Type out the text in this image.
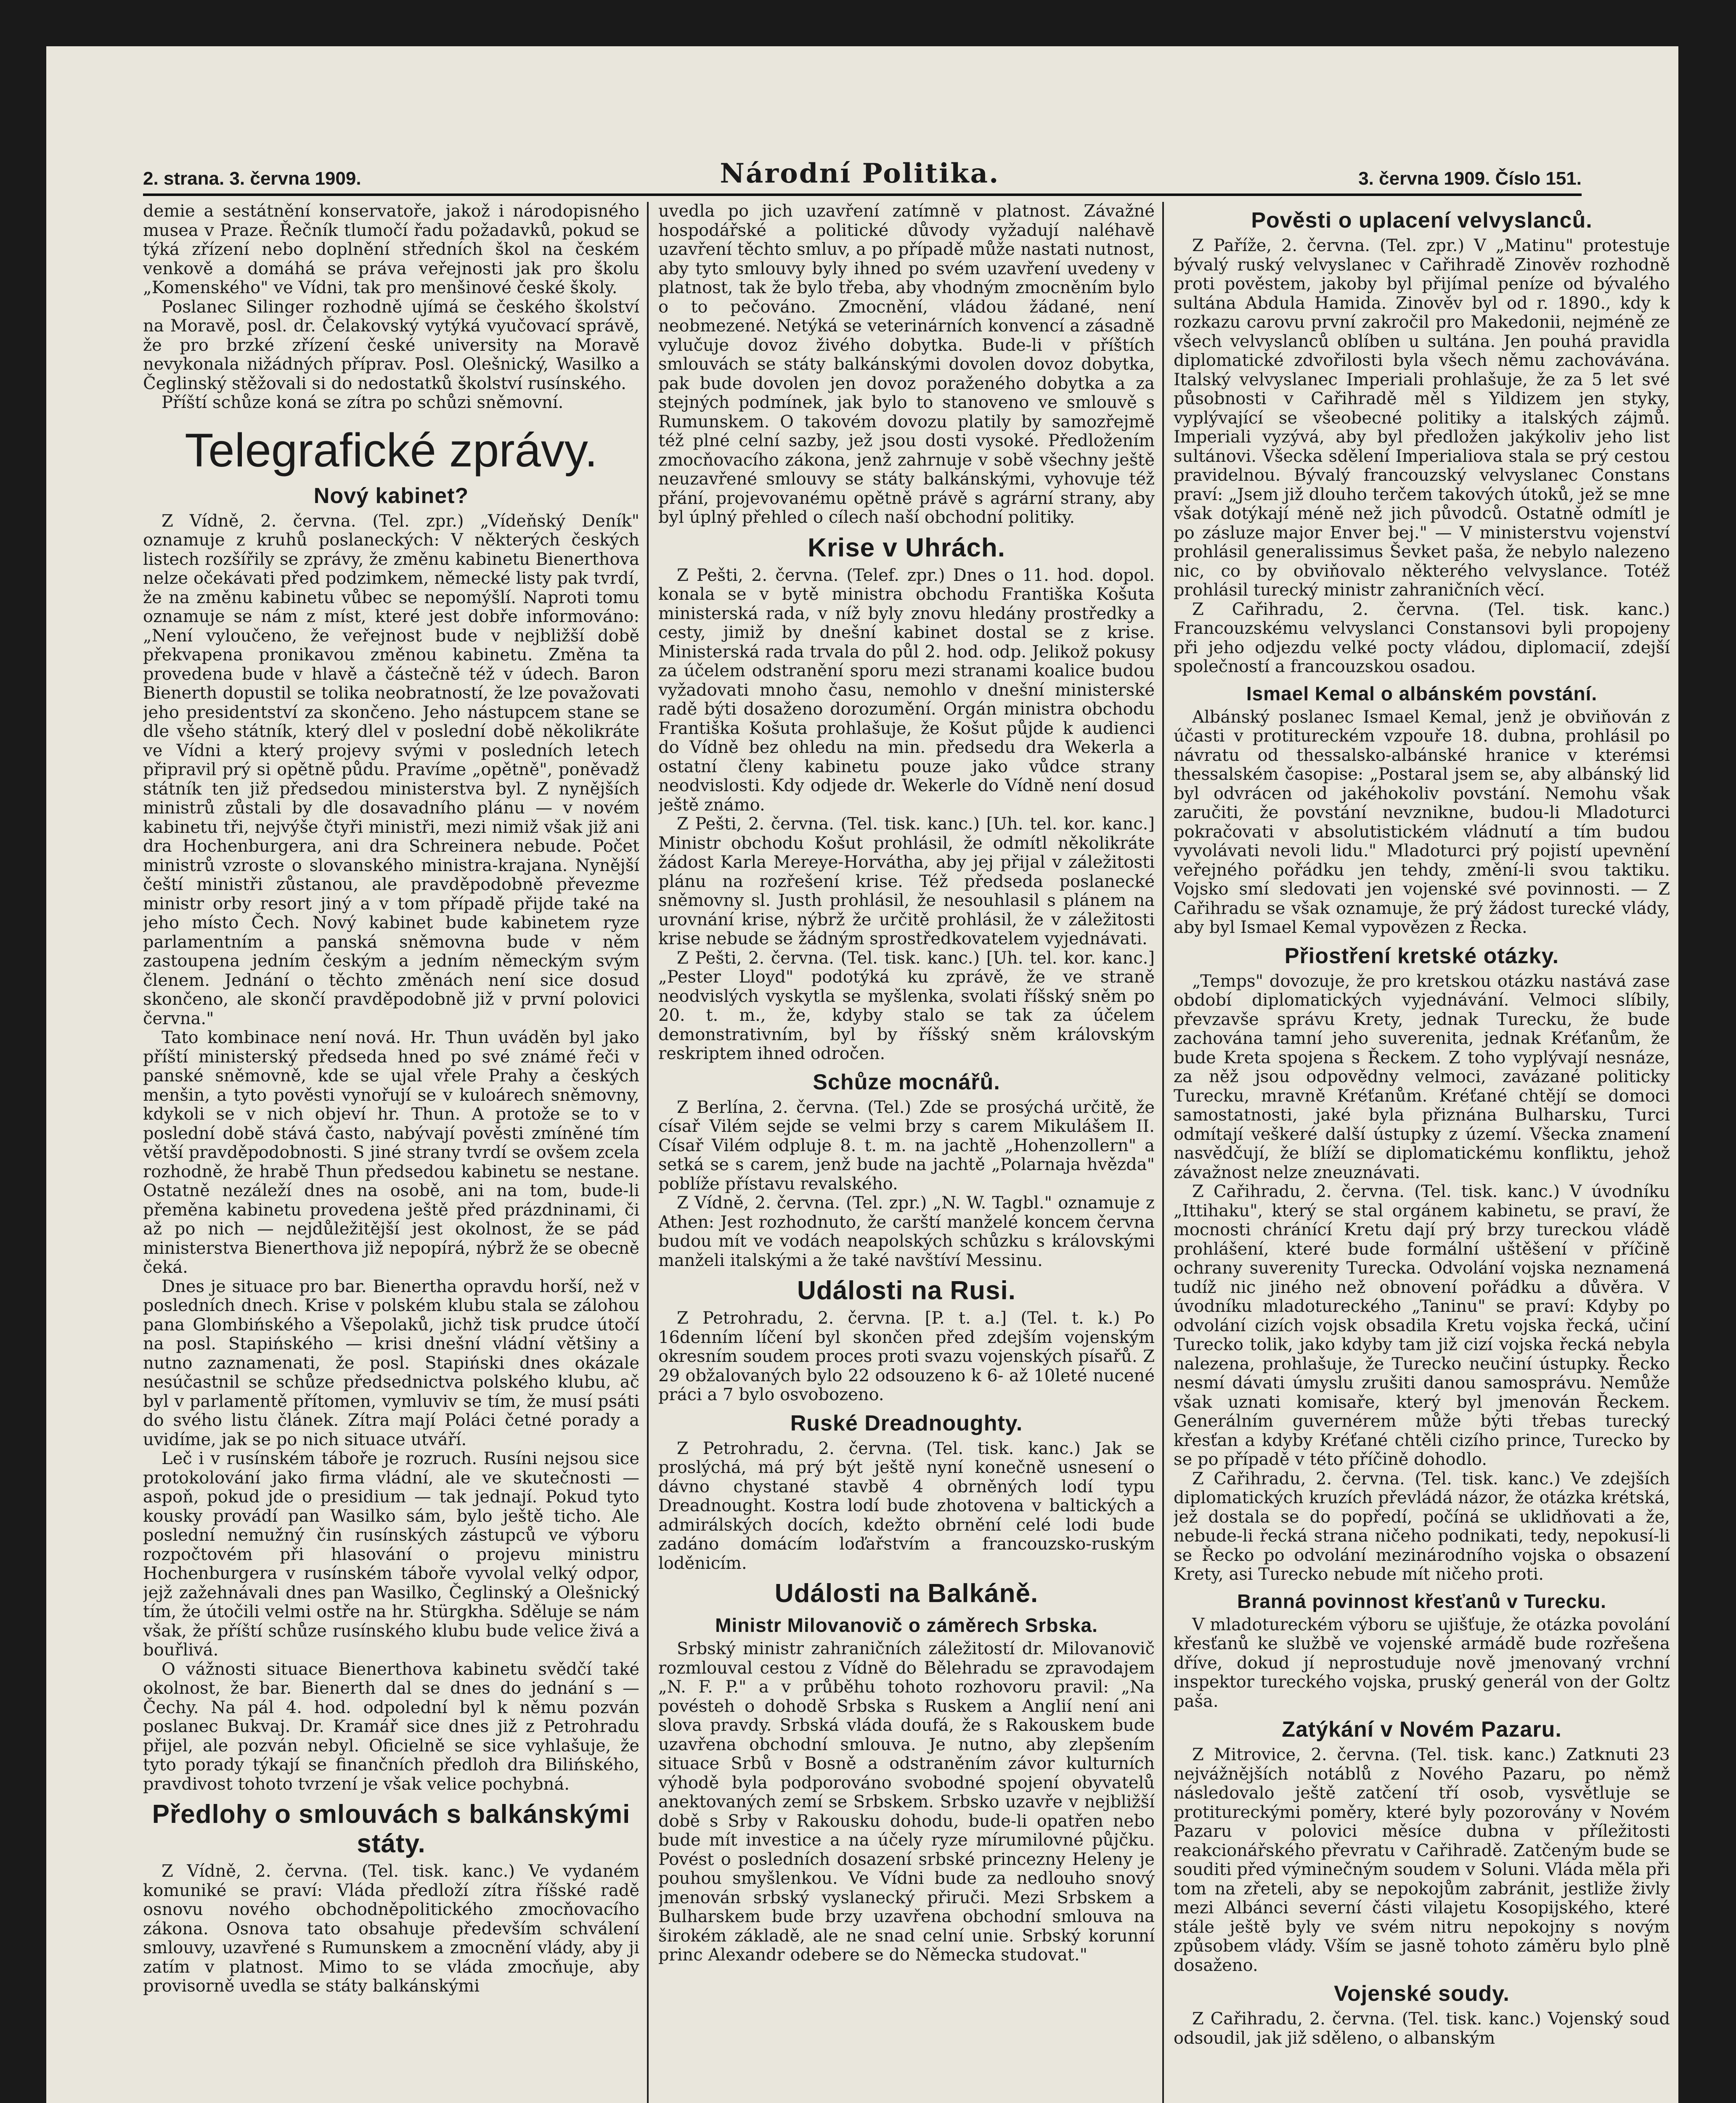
2. strana. 3. června 1909.	Národní Politika.	3. června 1909. Číslo 151.

demie a sestátnění konservatoře, jakož i národopisného musea v Praze. Řečník tlumočí řadu požadavků, pokud se týká zřízení nebo doplnění středních škol na českém venkově a domáhá se práva veřejnosti jak pro školu „Komenského" ve Vídni, tak pro menšinové české školy.

Poslanec Silinger rozhodně ujímá se českého školství na Moravě, posl. dr. Čelakovský vytýká vyučovací správě, že pro brzké zřízení české university na Moravě nevykonala nižádných příprav. Posl. Olešnický, Wasilko a Čeglinský stěžovali si do nedostatků školství rusínského.

Příští schůze koná se zítra po schůzi sněmovní.

Telegrafické zprávy.
Nový kabinet?

Z Vídně, 2. června. (Tel. zpr.) „Vídeňský Deník" oznamuje z kruhů poslaneckých: V některých českých listech rozšířily se zprávy, že změnu kabinetu Bienerthova nelze očekávati před podzimkem, německé listy pak tvrdí, že na změnu kabinetu vůbec se nepomýšlí. Naproti tomu oznamuje se nám z míst, které jest dobře informováno: „Není vyloučeno, že veřejnost bude v nejbližší době překvapena pronikavou změnou kabinetu. Změna ta provedena bude v hlavě a částečně též v údech. Baron Bienerth dopustil se tolika neobratností, že lze považovati jeho presidentství za skončeno. Jeho nástupcem stane se dle všeho státník, který dlel v poslední době několikráte ve Vídni a který projevy svými v posledních letech připravil prý si opětně půdu. Pravíme „opětně", poněvadž státník ten již předsedou ministerstva byl. Z nynějších ministrů zůstali by dle dosavadního plánu — v novém kabinetu tři, nejvýše čtyři ministři, mezi nimiž však již ani dra Hochenburgera, ani dra Schreinera nebude. Počet ministrů vzroste o slovanského ministra-krajana. Nynější čeští ministři zůstanou, ale pravděpodobně převezme ministr orby resort jiný a v tom případě přijde také na jeho místo Čech. Nový kabinet bude kabinetem ryze parlamentním a panská sněmovna bude v něm zastoupena jedním českým a jedním německým svým členem. Jednání o těchto změnách není sice dosud skončeno, ale skončí pravděpodobně již v první polovici června."

Tato kombinace není nová. Hr. Thun uváděn byl jako příští ministerský předseda hned po své známé řeči v panské sněmovně, kde se ujal vřele Prahy a českých menšin, a tyto pověsti vynořují se v kuloárech sněmovny, kdykoli se v nich objeví hr. Thun. A protože se to v poslední době stává často, nabývají pověsti zmíněné tím větší pravděpodobnosti. S jiné strany tvrdí se ovšem zcela rozhodně, že hrabě Thun předsedou kabinetu se nestane. Ostatně nezáleží dnes na osobě, ani na tom, bude-li přeměna kabinetu provedena ještě před prázdninami, či až po nich — nejdůležitější jest okolnost, že se pád ministerstva Bienerthova již nepopírá, nýbrž že se obecně čeká.

Dnes je situace pro bar. Bienertha opravdu horší, než v posledních dnech. Krise v polském klubu stala se zálohou pana Glombińského a Všepolaků, jichž tisk prudce útočí na posl. Stapińského — krisi dnešní vládní většiny a nutno zaznamenati, že posl. Stapiński dnes okázale nesúčastnil se schůze předsednictva polského klubu, ač byl v parlamentě přítomen, vymluviv se tím, že musí psáti do svého listu článek. Zítra mají Poláci četné porady a uvidíme, jak se po nich situace utváří.

Leč i v rusínském táboře je rozruch. Rusíni nejsou sice protokolování jako firma vládní, ale ve skutečnosti — aspoň, pokud jde o presidium — tak jednají. Pokud tyto kousky provádí pan Wasilko sám, bylo ještě ticho. Ale poslední nemužný čin rusínských zástupců ve výboru rozpočtovém při hlasování o projevu ministru Hochenburgera v rusínském táboře vyvolal velký odpor, jejž zažehnávali dnes pan Wasilko, Čeglinský a Olešnický tím, že útočili velmi ostře na hr. Stürgkha. Sděluje se nám však, že příští schůze rusínského klubu bude velice živá a bouřlivá.

O vážnosti situace Bienerthova kabinetu svědčí také okolnost, že bar. Bienerth dal se dnes do jednání s — Čechy. Na pál 4. hod. odpolední byl k němu pozván poslanec Bukvaj. Dr. Kramář sice dnes již z Petrohradu přijel, ale pozván nebyl. Oficielně se sice vyhlašuje, že tyto porady týkají se finančních předloh dra Bilińského, pravdivost tohoto tvrzení je však velice pochybná.

Předlohy o smlouvách s balkánskými státy.

Z Vídně, 2. června. (Tel. tisk. kanc.) Ve vydaném komuniké se praví: Vláda předloží zítra říšské radě osnovu nového obchodněpolitického zmocňovacího zákona. Osnova tato obsahuje především schválení smlouvy, uzavřené s Rumunskem a zmocnění vlády, aby ji zatím v platnost. Mimo to se vláda zmocňuje, aby provisorně uvedla se státy balkánskými

uvedla po jich uzavření zatímně v platnost. Závažné hospodářské a politické důvody vyžadují naléhavě uzavření těchto smluv, a po případě může nastati nutnost, aby tyto smlouvy byly ihned po svém uzavření uvedeny v platnost, tak že bylo třeba, aby vhodným zmocněním bylo o to pečováno. Zmocnění, vládou žádané, není neobmezené. Netýká se veterinárních konvencí a zásadně vylučuje dovoz živého dobytka. Bude-li v příštích smlouvách se státy balkánskými dovolen dovoz dobytka, pak bude dovolen jen dovoz poraženého dobytka a za stejných podmínek, jak bylo to stanoveno ve smlouvě s Rumunskem. O takovém dovozu platily by samozřejmě též plné celní sazby, jež jsou dosti vysoké. Předložením zmocňovacího zákona, jenž zahrnuje v sobě všechny ještě neuzavřené smlouvy se státy balkánskými, vyhovuje též přání, projevovanému opětně právě s agrární strany, aby byl úplný přehled o cílech naší obchodní politiky.

Krise v Uhrách.

Z Pešti, 2. června. (Telef. zpr.) Dnes o 11. hod. dopol. konala se v bytě ministra obchodu Františka Košuta ministerská rada, v níž byly znovu hledány prostředky a cesty, jimiž by dnešní kabinet dostal se z krise. Ministerská rada trvala do půl 2. hod. odp. Jelikož pokusy za účelem odstranění sporu mezi stranami koalice budou vyžadovati mnoho času, nemohlo v dnešní ministerské radě býti dosaženo dorozumění. Orgán ministra obchodu Františka Košuta prohlašuje, že Košut půjde k audienci do Vídně bez ohledu na min. předsedu dra Wekerla a ostatní členy kabinetu pouze jako vůdce strany neodvislosti. Kdy odjede dr. Wekerle do Vídně není dosud ještě známo.

Z Pešti, 2. června. (Tel. tisk. kanc.) [Uh. tel. kor. kanc.] Ministr obchodu Košut prohlásil, že odmítl několikráte žádost Karla Mereye-Horváthа, aby jej přijal v záležitosti plánu na rozřešení krise. Též předseda poslanecké sněmovny sl. Justh prohlásil, že nesouhlasil s plánem na urovnání krise, nýbrž že určitě prohlásil, že v záležitosti krise nebude se žádným sprostředkovatelem vyjednávati.

Z Pešti, 2. června. (Tel. tisk. kanc.) [Uh. tel. kor. kanc.] „Pester Lloyd" podotýká ku zprávě, že ve straně neodvislých vyskytla se myšlenka, svolati říšský sněm po 20. t. m., že, kdyby stalo se tak za účelem demonstrativním, byl by říšský sněm královským reskriptem ihned odročen.

Schůze mocnářů.

Z Berlína, 2. června. (Tel.) Zde se prosýchá určitě, že císař Vilém sejde se velmi brzy s carem Mikulášem II. Císař Vilém odpluje 8. t. m. na jachtě „Hohenzollern" a setká se s carem, jenž bude na jachtě „Polarnaja hvězda" poblíže přístavu revalského.

Z Vídně, 2. června. (Tel. zpr.) „N. W. Tagbl." oznamuje z Athen: Jest rozhodnuto, že carští manželé koncem června budou mít ve vodách neapolských schůzku s královskými manželi italskými a že také navštíví Messinu.

Události na Rusi.

Z Petrohradu, 2. června. [P. t. a.] (Tel. t. k.) Po 16denním líčení byl skončen před zdejším vojenským okresním soudem proces proti svazu vojenských písařů. Z 29 obžalovaných bylo 22 odsouzeno k 6- až 10leté nucené práci a 7 bylo osvobozeno.

Ruské Dreadnoughty.

Z Petrohradu, 2. června. (Tel. tisk. kanc.) Jak se proslýchá, má prý být ještě nyní konečně usnesení o dávno chystané stavbě 4 obrněných lodí typu Dreadnought. Kostra lodí bude zhotovena v baltických a admirálských docích, kdežto obrnění celé lodi bude zadáno domácím loďařstvím a francouzsko-ruským loděnicím.

Události na Balkáně.
Ministr Milovanovič o záměrech Srbska.

Srbský ministr zahraničních záležitostí dr. Milovanovič rozmlouval cestou z Vídně do Bělehradu se zpravodajem „N. F. P." a v průběhu tohoto rozhovoru pravil: „Na povésteh o dohodě Srbska s Ruskem a Anglií není ani slova pravdy. Srbská vláda doufá, že s Rakouskem bude uzavřena obchodní smlouva. Je nutno, aby zlepšením situace Srbů v Bosně a odstraněním závor kulturních výhodě byla podporováno svobodné spojení obyvatelů anektovaných zemí se Srbskem. Srbsko uzavře v nejbližší době s Srby v Rakousku dohodu, bude-li opatřen nebo bude mít investice a na účely ryze mírumilovné půjčku. Povést o posledních dosazení srbské princezny Heleny je pouhou smyšlenkou. Ve Vídni bude za nedlouho snový jmenován srbský vyslanecký přiruči. Mezi Srbskem a Bulharskem bude brzy uzavřena obchodní smlouva na širokém základě, ale ne snad celní unie. Srbský korunní princ Alexandr odebere se do Německa studovat."

Pověsti o uplacení velvyslanců.

Z Paříže, 2. června. (Tel. zpr.) V „Matinu" protestuje bývalý ruský velvyslanec v Cařihradě Zinověv rozhodně proti pověstem, jakoby byl přijímal peníze od bývalého sultána Abdula Hamida. Zinověv byl od r. 1890., kdy k rozkazu carovu první zakročil pro Makedonii, nejméně ze všech velvyslanců oblíben u sultána. Jen pouhá pravidla diplomatické zdvořilosti byla všech němu zachovávána. Italský velvyslanec Imperiali prohlašuje, že za 5 let své působnosti v Cařihradě měl s Yildizem jen styky, vyplývající se všeobecné politiky a italských zájmů. Imperiali vyzývá, aby byl předložen jakýkoliv jeho list sultánovi. Všecka sdělení Imperialiova stala se prý cestou pravidelnou. Bývalý francouzský velvyslanec Constans praví: „Jsem již dlouho terčem takových útoků, jež se mne však dotýkají méně než jich původců. Ostatně odmítl je po zásluze major Enver bej." — V ministerstvu vojenství prohlásil generalissimus Ševket paša, že nebylo nalezeno nic, co by obviňovalo některého velvyslance. Totéž prohlásil turecký ministr zahraničních věcí.

Z Cařihradu, 2. června. (Tel. tisk. kanc.) Francouzskému velvyslanci Constansovi byli propojeny při jeho odjezdu velké pocty vládou, diplomacií, zdejší společností a francouzskou osadou.

Ismael Kemal o albánském povstání.

Albánský poslanec Ismael Kemal, jenž je obviňován z účasti v protitureckém vzpouře 18. dubna, prohlásil po návratu od thessalsko-albánské hranice v kterémsi thessalském časopise: „Postaral jsem se, aby albánský lid byl odvrácen od jakéhokoliv povstání. Nemohu však zaručiti, že povstání nevznikne, budou-li Mladoturci pokračovati v absolutistickém vládnutí a tím budou vyvolávati nevoli lidu." Mladoturci prý pojistí upevnění veřejného pořádku jen tehdy, změní-li svou taktiku. Vojsko smí sledovati jen vojenské své povinnosti. — Z Cařihradu se však oznamuje, že prý žádost turecké vlády, aby byl Ismael Kemal vypovězen z Řecka.

Přiostření kretské otázky.

„Temps" dovozuje, že pro kretskou otázku nastává zase období diplomatických vyjednávání. Velmoci slíbily, převzavše správu Krety, jednak Turecku, že bude zachována tamní jeho suverenita, jednak Kréťanům, že bude Kreta spojena s Řeckem. Z toho vyplývají nesnáze, za něž jsou odpovědny velmoci, zavázané politicky Turecku, mravně Kréťanům. Kréťané chtějí se domoci samostatnosti, jaké byla přiznána Bulharsku, Turci odmítají veškeré další ústupky z území. Všecka znamení nasvědčují, že blíží se diplomatickému konfliktu, jehož závažnost nelze zneuznávati.

Z Cařihradu, 2. června. (Tel. tisk. kanc.) V úvodníku „Ittihaku", který se stal orgánem kabinetu, se praví, že mocnosti chránící Kretu dají prý brzy tureckou vládě prohlášení, které bude formální uštěšení v příčině ochrany suverenity Turecka. Odvolání vojska neznamená tudíž nic jiného než obnovení pořádku a důvěra. V úvodníku mladotureckého „Taninu" se praví: Kdyby po odvolání cizích vojsk obsadila Kretu vojska řecká, učiní Turecko tolik, jako kdyby tam již cizí vojska řecká nebyla nalezena, prohlašuje, že Turecko neučiní ústupky. Řecko nesmí dávati úmyslu zrušiti danou samosprávu. Nemůže však uznati komisaře, který byl jmenován Řeckem. Generálním guvernérem může býti třebas turecký křesťan a kdyby Kréťané chtěli cizího prince, Turecko by se po případě v této příčině dohodlo.

Z Cařihradu, 2. června. (Tel. tisk. kanc.) Ve zdejších diplomatických kruzích převládá názor, že otázka krétská, jež dostala se do popředí, počíná se uklidňovati a že, nebude-li řecká strana ničeho podnikati, tedy, nepokusí-li se Řecko po odvolání mezinárodního vojska o obsazení Krety, asi Turecko nebude mít ničeho proti.

Branná povinnost křesťanů v Turecku.

V mladotureckém výboru se ujišťuje, že otázka povolání křesťanů ke službě ve vojenské armádě bude rozřešena dříve, dokud jí neprostuduje nově jmenovaný vrchní inspektor tureckého vojska, pruský generál von der Goltz paša.

Zatýkání v Novém Pazaru.

Z Mitrovice, 2. června. (Tel. tisk. kanc.) Zatknuti 23 nejvážnějších notáblů z Nového Pazaru, po němž následovalo ještě zatčení tří osob, vysvětluje se protitureckými poměry, které byly pozorovány v Novém Pazaru v polovici měsíce dubna v příležitosti reakcionářského převratu v Cařihradě. Zatčeným bude se souditi před výminečným soudem v Soluni. Vláda měla při tom na zřeteli, aby se nepokojům zabránit, jestliže živly mezi Albánci severní části vilajetu Kosopijského, které stále ještě byly ve svém nitru nepokojny s novým způsobem vlády. Vším se jasně tohoto záměru bylo plně dosaženo.

Vojenské soudy.

Z Cařihradu, 2. června. (Tel. tisk. kanc.) Vojenský soud odsoudil, jak již sděleno, o albanským
